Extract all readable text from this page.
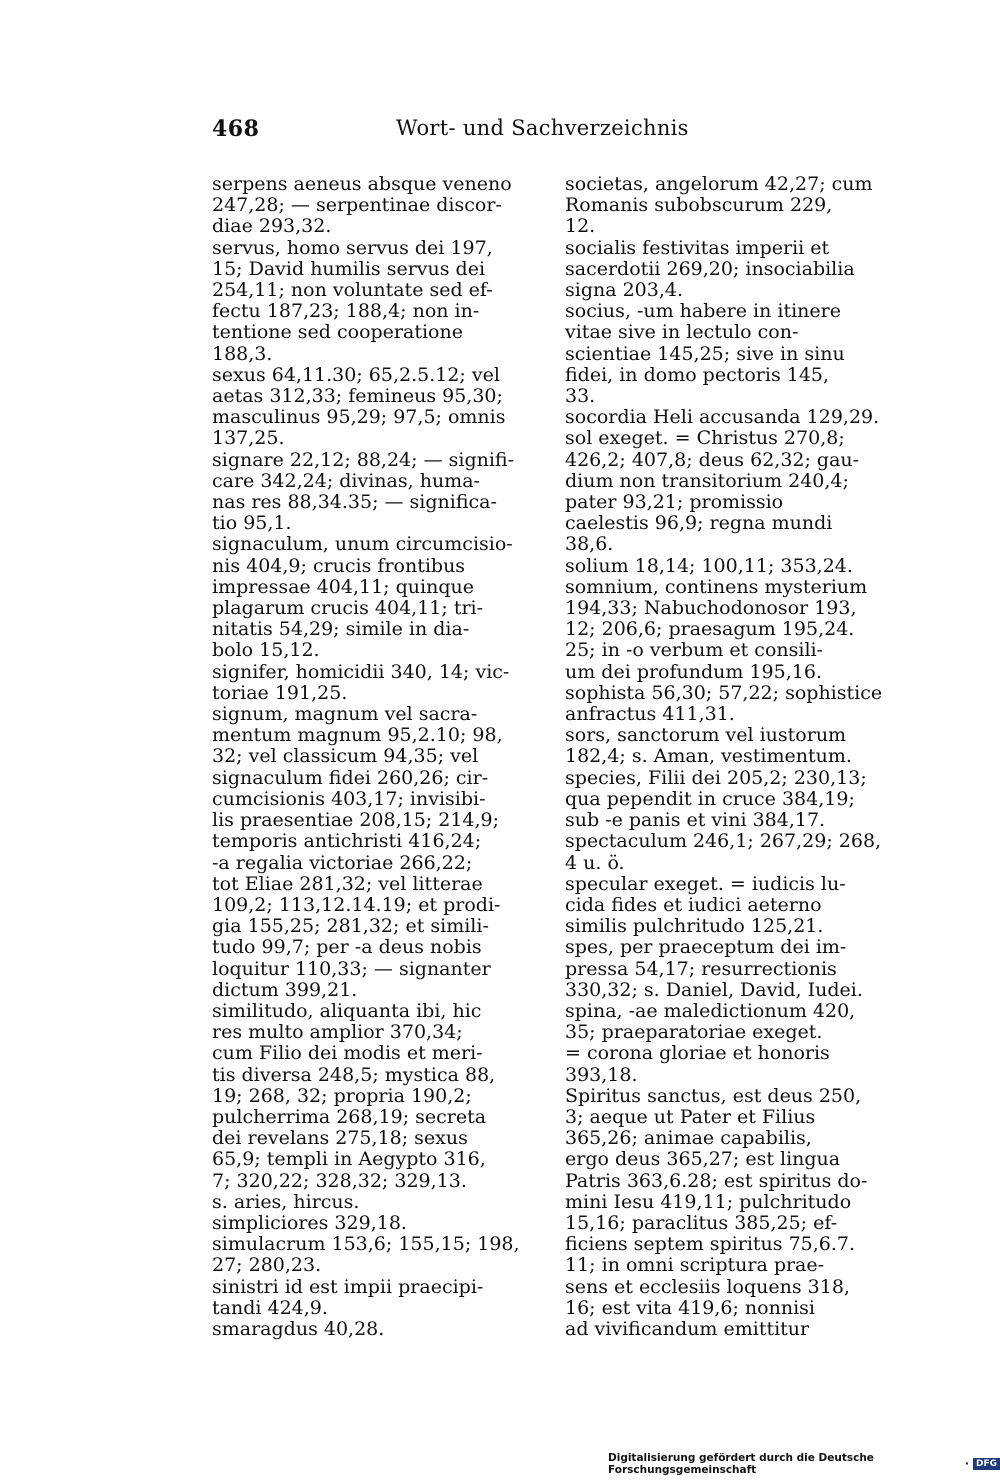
468	Wort- und Sachverzeichnis

serpens aeneus absque veneno
247,28; — serpentinae discor-
diae 293,32.

servus, homo servus dei 197,
15; David humilis servus dei
254,11; non voluntate sed ef-
fectu 187,23; 188,4; non in-
tentione sed cooperatione
188,3.

sexus 64,11.30; 65,2.5.12; vel
aetas 312,33; femineus 95,30;
masculinus 95,29; 97,5; omnis
137,25.

signare 22,12; 88,24; — signifi-
care 342,24; divinas, huma-
nas res 88,34.35; — significa-
tio 95,1.

signaculum, unum circumcisio-
nis 404,9; crucis frontibus
impressae 404,11; quinque
plagarum crucis 404,11; tri-
nitatis 54,29; simile in dia-
bolo 15,12.

signifer, homicidii 340, 14; vic-
toriae 191,25.

signum, magnum vel sacra-
mentum magnum 95,2.10; 98,
32; vel classicum 94,35; vel
signaculum fidei 260,26; cir-
cumcisionis 403,17; invisibi-
lis praesentiae 208,15; 214,9;
temporis antichristi 416,24;
-a regalia victoriae 266,22;
tot Eliae 281,32; vel litterae
109,2; 113,12.14.19; et prodi-
gia 155,25; 281,32; et simili-
tudo 99,7; per -a deus nobis
loquitur 110,33; — signanter
dictum 399,21.

similitudo, aliquanta ibi, hic
res multo amplior 370,34;
cum Filio dei modis et meri-
tis diversa 248,5; mystica 88,
19; 268, 32; propria 190,2;
pulcherrima 268,19; secreta
dei revelans 275,18; sexus
65,9; templi in Aegypto 316,
7; 320,22; 328,32; 329,13.
s. aries, hircus.

simpliciores 329,18.

simulacrum 153,6; 155,15; 198,
27; 280,23.

sinistri id est impii praecipi-
tandi 424,9.

smaragdus 40,28.

societas, angelorum 42,27; cum
Romanis subobscurum 229,
12.

socialis festivitas imperii et
sacerdotii 269,20; insociabilia
signa 203,4.

socius, -um habere in itinere
vitae sive in lectulo con-
scientiae 145,25; sive in sinu
fidei, in domo pectoris 145,
33.

socordia Heli accusanda 129,29.

sol exeget. = Christus 270,8;
426,2; 407,8; deus 62,32; gau-
dium non transitorium 240,4;
pater 93,21; promissio
caelestis 96,9; regna mundi
38,6.

solium 18,14; 100,11; 353,24.

somnium, continens mysterium
194,33; Nabuchodonosor 193,
12; 206,6; praesagum 195,24.
25; in -o verbum et consili-
um dei profundum 195,16.

sophista 56,30; 57,22; sophistice
anfractus 411,31.

sors, sanctorum vel iustorum
182,4; s. Aman, vestimentum.

species, Filii dei 205,2; 230,13;
qua pependit in cruce 384,19;
sub -e panis et vini 384,17.

spectaculum 246,1; 267,29; 268,
4 u. ö.

specular exeget. = iudicis lu-
cida fides et iudici aeterno
similis pulchritudo 125,21.

spes, per praeceptum dei im-
pressa 54,17; resurrectionis
330,32; s. Daniel, David, Iudei.

spina, -ae maledictionum 420,
35; praeparatoriae exeget.
= corona gloriae et honoris
393,18.

Spiritus sanctus, est deus 250,
3; aeque ut Pater et Filius
365,26; animae capabilis,
ergo deus 365,27; est lingua
Patris 363,6.28; est spiritus do-
mini Iesu 419,11; pulchritudo
15,16; paraclitus 385,25; ef-
ficiens septem spiritus 75,6.7.
11; in omni scriptura prae-
sens et ecclesiis loquens 318,
16; est vita 419,6; nonnisi
ad vivificandum emittitur

Digitalisierung gefördert durch die Deutsche Forschungsgemeinschaft	· DFG
